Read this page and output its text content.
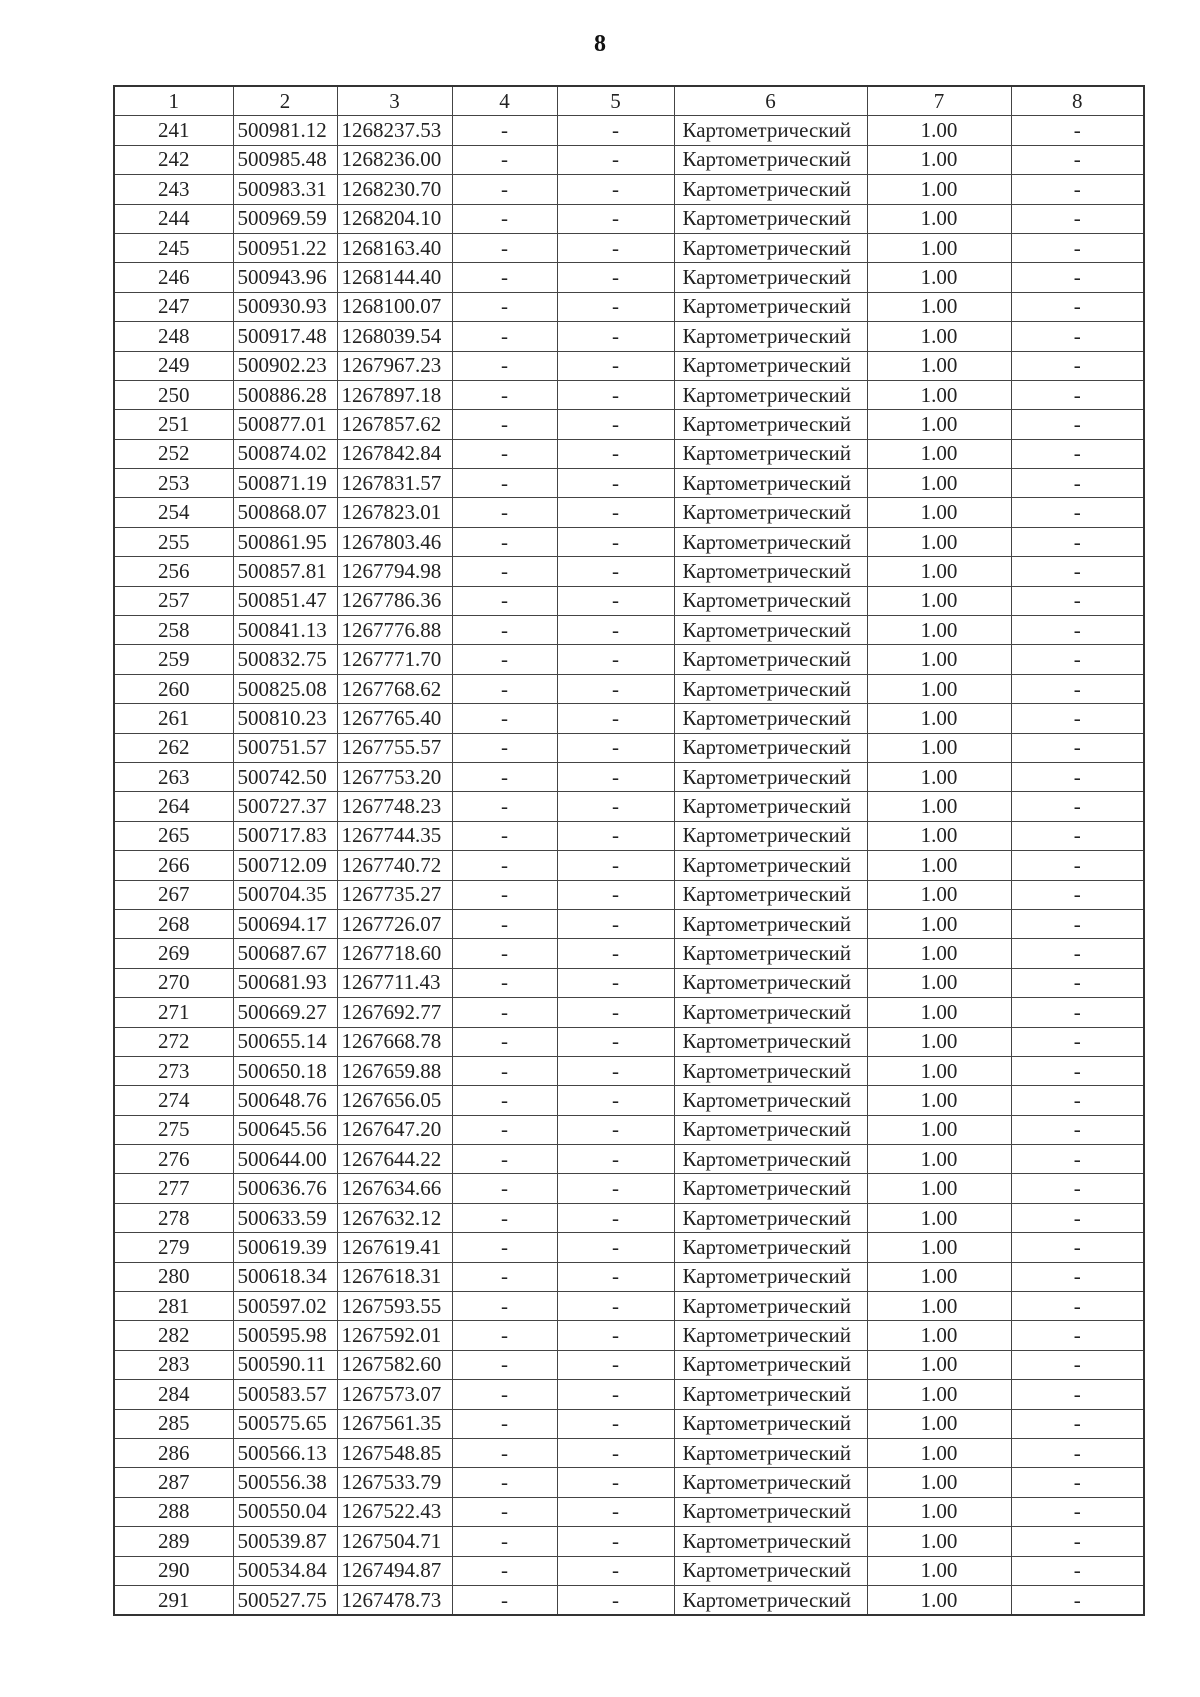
8
1	2	3	4	5	6	7	8
241	500981.12	1268237.53	-	-	Картометрический	1.00	-
242	500985.48	1268236.00	-	-	Картометрический	1.00	-
243	500983.31	1268230.70	-	-	Картометрический	1.00	-
244	500969.59	1268204.10	-	-	Картометрический	1.00	-
245	500951.22	1268163.40	-	-	Картометрический	1.00	-
246	500943.96	1268144.40	-	-	Картометрический	1.00	-
247	500930.93	1268100.07	-	-	Картометрический	1.00	-
248	500917.48	1268039.54	-	-	Картометрический	1.00	-
249	500902.23	1267967.23	-	-	Картометрический	1.00	-
250	500886.28	1267897.18	-	-	Картометрический	1.00	-
251	500877.01	1267857.62	-	-	Картометрический	1.00	-
252	500874.02	1267842.84	-	-	Картометрический	1.00	-
253	500871.19	1267831.57	-	-	Картометрический	1.00	-
254	500868.07	1267823.01	-	-	Картометрический	1.00	-
255	500861.95	1267803.46	-	-	Картометрический	1.00	-
256	500857.81	1267794.98	-	-	Картометрический	1.00	-
257	500851.47	1267786.36	-	-	Картометрический	1.00	-
258	500841.13	1267776.88	-	-	Картометрический	1.00	-
259	500832.75	1267771.70	-	-	Картометрический	1.00	-
260	500825.08	1267768.62	-	-	Картометрический	1.00	-
261	500810.23	1267765.40	-	-	Картометрический	1.00	-
262	500751.57	1267755.57	-	-	Картометрический	1.00	-
263	500742.50	1267753.20	-	-	Картометрический	1.00	-
264	500727.37	1267748.23	-	-	Картометрический	1.00	-
265	500717.83	1267744.35	-	-	Картометрический	1.00	-
266	500712.09	1267740.72	-	-	Картометрический	1.00	-
267	500704.35	1267735.27	-	-	Картометрический	1.00	-
268	500694.17	1267726.07	-	-	Картометрический	1.00	-
269	500687.67	1267718.60	-	-	Картометрический	1.00	-
270	500681.93	1267711.43	-	-	Картометрический	1.00	-
271	500669.27	1267692.77	-	-	Картометрический	1.00	-
272	500655.14	1267668.78	-	-	Картометрический	1.00	-
273	500650.18	1267659.88	-	-	Картометрический	1.00	-
274	500648.76	1267656.05	-	-	Картометрический	1.00	-
275	500645.56	1267647.20	-	-	Картометрический	1.00	-
276	500644.00	1267644.22	-	-	Картометрический	1.00	-
277	500636.76	1267634.66	-	-	Картометрический	1.00	-
278	500633.59	1267632.12	-	-	Картометрический	1.00	-
279	500619.39	1267619.41	-	-	Картометрический	1.00	-
280	500618.34	1267618.31	-	-	Картометрический	1.00	-
281	500597.02	1267593.55	-	-	Картометрический	1.00	-
282	500595.98	1267592.01	-	-	Картометрический	1.00	-
283	500590.11	1267582.60	-	-	Картометрический	1.00	-
284	500583.57	1267573.07	-	-	Картометрический	1.00	-
285	500575.65	1267561.35	-	-	Картометрический	1.00	-
286	500566.13	1267548.85	-	-	Картометрический	1.00	-
287	500556.38	1267533.79	-	-	Картометрический	1.00	-
288	500550.04	1267522.43	-	-	Картометрический	1.00	-
289	500539.87	1267504.71	-	-	Картометрический	1.00	-
290	500534.84	1267494.87	-	-	Картометрический	1.00	-
291	500527.75	1267478.73	-	-	Картометрический	1.00	-
